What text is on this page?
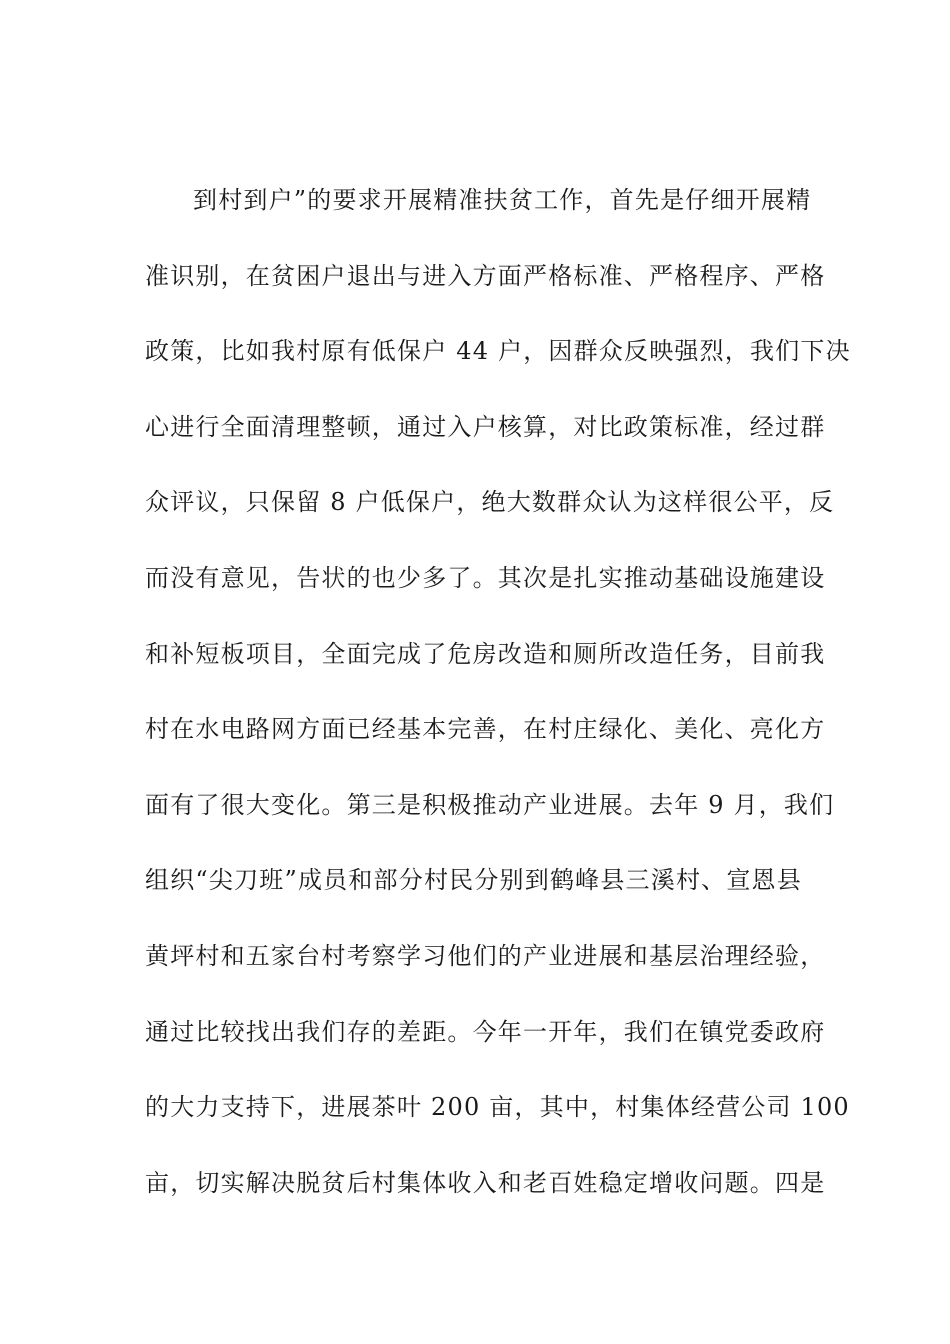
到村到户”的要求开展精准扶贫工作，首先是仔细开展精
准识别，在贫困户退出与进入方面严格标准、严格程序、严格
政策，比如我村原有低保户 44 户，因群众反映强烈，我们下决
心进行全面清理整顿，通过入户核算，对比政策标准，经过群
众评议，只保留 8 户低保户，绝大数群众认为这样很公平，反
而没有意见，告状的也少多了。其次是扎实推动基础设施建设
和补短板项目，全面完成了危房改造和厕所改造任务，目前我
村在水电路网方面已经基本完善，在村庄绿化、美化、亮化方
面有了很大变化。第三是积极推动产业进展。去年 9 月，我们
组织“尖刀班”成员和部分村民分别到鹤峰县三溪村、宣恩县
黄坪村和五家台村考察学习他们的产业进展和基层治理经验，
通过比较找出我们存的差距。今年一开年，我们在镇党委政府
的大力支持下，进展茶叶 200 亩，其中，村集体经营公司 100
亩，切实解决脱贫后村集体收入和老百姓稳定增收问题。四是
